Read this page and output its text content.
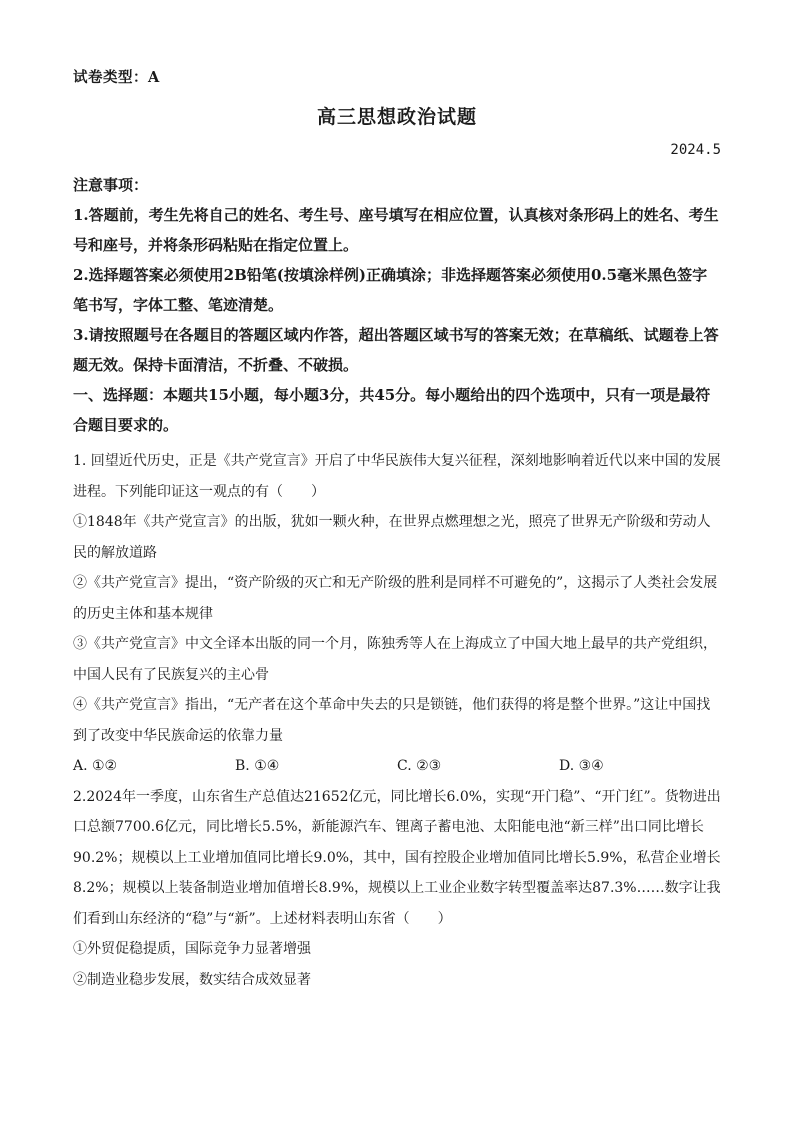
试卷类型：A
高三思想政治试题
2024.5

注意事项：

1.答题前，考生先将自己的姓名、考生号、座号填写在相应位置，认真核对条形码上的姓名、考生号和座号，并将条形码粘贴在指定位置上。

2.选择题答案必须使用2B铅笔(按填涂样例)正确填涂；非选择题答案必须使用0.5毫米黑色签字笔书写，字体工整、笔迹清楚。

3.请按照题号在各题目的答题区域内作答，超出答题区域书写的答案无效；在草稿纸、试题卷上答题无效。保持卡面清洁，不折叠、不破损。

一、选择题：本题共15小题，每小题3分，共45分。每小题给出的四个选项中，只有一项是最符合题目要求的。

1. 回望近代历史，正是《共产党宣言》开启了中华民族伟大复兴征程，深刻地影响着近代以来中国的发展进程。下列能印证这一观点的有（　　）

①1848年《共产党宣言》的出版，犹如一颗火种，在世界点燃理想之光，照亮了世界无产阶级和劳动人民的解放道路

②《共产党宣言》提出，“资产阶级的灭亡和无产阶级的胜利是同样不可避免的”，这揭示了人类社会发展的历史主体和基本规律

③《共产党宣言》中文全译本出版的同一个月，陈独秀等人在上海成立了中国大地上最早的共产党组织，中国人民有了民族复兴的主心骨

④《共产党宣言》指出，“无产者在这个革命中失去的只是锁链，他们获得的将是整个世界。”这让中国找到了改变中华民族命运的依靠力量

A. ①②	B. ①④	C. ②③	D. ③④

2.2024年一季度，山东省生产总值达21652亿元，同比增长6.0%，实现“开门稳”、“开门红”。货物进出口总额7700.6亿元，同比增长5.5%，新能源汽车、锂离子蓄电池、太阳能电池“新三样”出口同比增长90.2%；规模以上工业增加值同比增长9.0%，其中，国有控股企业增加值同比增长5.9%，私营企业增长8.2%；规模以上装备制造业增加值增长8.9%，规模以上工业企业数字转型覆盖率达87.3%……数字让我们看到山东经济的“稳”与“新”。上述材料表明山东省（　　）

①外贸促稳提质，国际竞争力显著增强

②制造业稳步发展，数实结合成效显著
